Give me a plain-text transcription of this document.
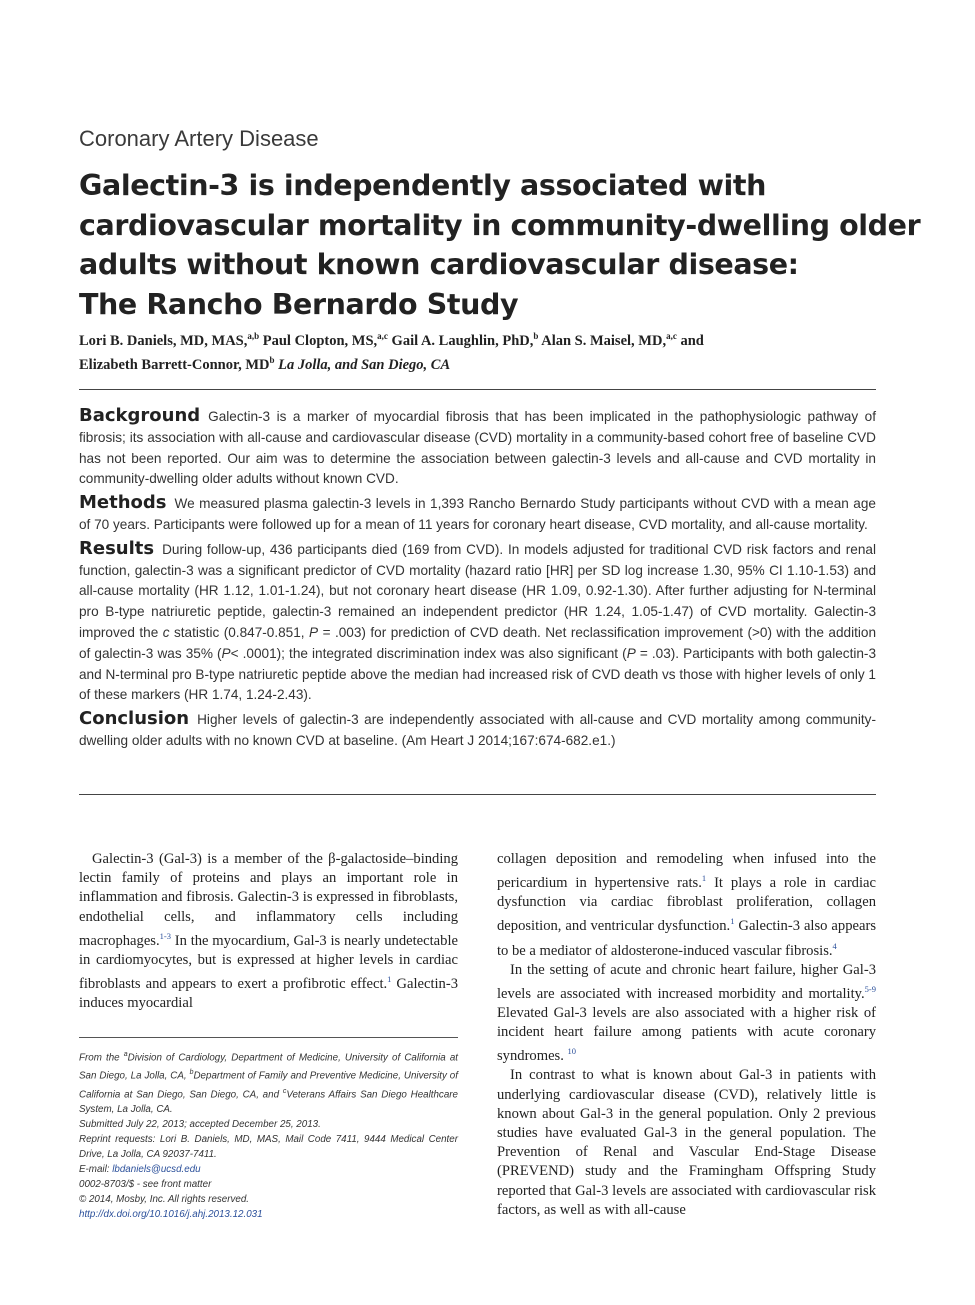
Coronary Artery Disease
Galectin-3 is independently associated with
cardiovascular mortality in community-dwelling older
adults without known cardiovascular disease:
The Rancho Bernardo Study
Lori B. Daniels, MD, MAS,$^{a,b}$ Paul Clopton, MS,$^{a,c}$ Gail A. Laughlin, PhD,$^b$ Alan S. Maisel, MD,$^{a,c}$ and
Elizabeth Barrett-Connor, $MD^b$ La Jolla, and San Diego, CA

Background Galectin-3 is a marker of myocardial fibrosis that has been implicated in the pathophysiologic pathway of fibrosis; its association with all-cause and cardiovascular disease (CVD) mortality in a community-based cohort free of baseline CVD has not been reported. Our aim was to determine the association between galectin-3 levels and all-cause and CVD mortality in community-dwelling older adults without known CVD.

Methods We measured plasma galectin-3 levels in 1,393 Rancho Bernardo Study participants without CVD with a mean age of 70 years. Participants were followed up for a mean of 11 years for coronary heart disease, CVD mortality, and all-cause mortality.

Results During follow-up, 436 participants died (169 from CVD). In models adjusted for traditional CVD risk factors and renal function, galectin-3 was a significant predictor of CVD mortality (hazard ratio [HR] per SD log increase 1.30, 95% CI 1.10-1.53) and all-cause mortality (HR 1.12, 1.01-1.24), but not coronary heart disease (HR 1.09, 0.92-1.30). After further adjusting for N-terminal pro B-type natriuretic peptide, galectin-3 remained an independent predictor (HR 1.24, 1.05-1.47) of CVD mortality. Galectin-3 improved the c statistic (0.847-0.851, P = .003) for prediction of CVD death. Net reclassification improvement (>0) with the addition of galectin-3 was 35% (P< .0001); the integrated discrimination index was also significant (P = .03). Participants with both galectin-3 and N-terminal pro B-type natriuretic peptide above the median had increased risk of CVD death vs those with higher levels of only 1 of these markers (HR 1.74, 1.24-2.43).

Conclusion Higher levels of galectin-3 are independently associated with all-cause and CVD mortality among community-dwelling older adults with no known CVD at baseline. (Am Heart J 2014;167:674-682.e1.)

Galectin-3 (Gal-3) is a member of the β-galactoside–binding lectin family of proteins and plays an important role in inflammation and fibrosis. Galectin-3 is expressed in fibroblasts, endothelial cells, and inflammatory cells including macrophages.$^{1-3}$ In the myocardium, Gal-3 is nearly undetectable in cardiomyocytes, but is expressed at higher levels in cardiac fibroblasts and appears to exert a profibrotic effect.$^1$ Galectin-3 induces myocardial

collagen deposition and remodeling when infused into the pericardium in hypertensive rats.$^1$ It plays a role in cardiac dysfunction via cardiac fibroblast proliferation, collagen deposition, and ventricular dysfunction.$^1$ Galectin-3 also appears to be a mediator of aldosterone-induced vascular fibrosis.$^4$

In the setting of acute and chronic heart failure, higher Gal-3 levels are associated with increased morbidity and mortality.$^{5-9}$ Elevated Gal-3 levels are also associated with a higher risk of incident heart failure among patients with acute coronary syndromes. $^{10}$

In contrast to what is known about Gal-3 in patients with underlying cardiovascular disease (CVD), relatively little is known about Gal-3 in the general population. Only 2 previous studies have evaluated Gal-3 in the general population. The Prevention of Renal and Vascular End-Stage Disease (PREVEND) study and the Framingham Offspring Study reported that Gal-3 levels are associated with cardiovascular risk factors, as well as with all-cause

From the $^a$Division of Cardiology, Department of Medicine, University of California at San Diego, La Jolla, CA, $^b$Department of Family and Preventive Medicine, University of California at San Diego, San Diego, CA, and $^c$Veterans Affairs San Diego Healthcare System, La Jolla, CA.
Submitted July 22, 2013; accepted December 25, 2013.
Reprint requests: Lori B. Daniels, MD, MAS, Mail Code 7411, 9444 Medical Center Drive, La Jolla, CA 92037-7411.
E-mail: lbdaniels@ucsd.edu
0002-8703/$ - see front matter
© 2014, Mosby, Inc. All rights reserved.
http://dx.doi.org/10.1016/j.ahj.2013.12.031
